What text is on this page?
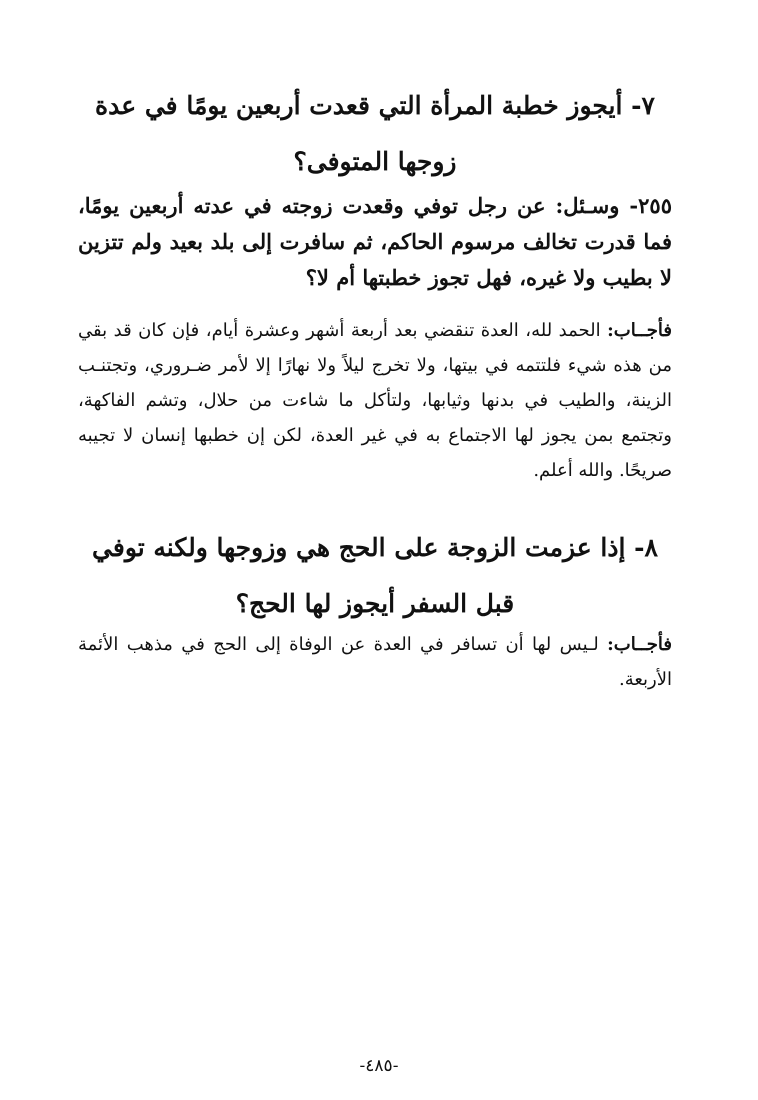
٧- أيجوز خطبة المرأة التي قعدت أربعين يومًا في عدة زوجها المتوفى؟
٢٥٥- وسـئل: عن رجل توفي وقعدت زوجته في عدته أربعين يومًا، فما قدرت تخالف مرسوم الحاكم، ثم سافرت إلى بلد بعيد ولم تتزين لا بطيب ولا غيره، فهل تجوز خطبتها أم لا؟
فأجــاب: الحمد لله، العدة تنقضي بعد أربعة أشهر وعشرة أيام، فإن كان قد بقي من هذه شيء فلتتمه في بيتها، ولا تخرج ليلاً ولا نهارًا إلا لأمر ضـروري، وتجتنـب الزينة، والطيب في بدنها وثيابها، ولتأكل ما شاءت من حلال، وتشم الفاكهة، وتجتمع بمن يجوز لها الاجتماع به في غير العدة، لكن إن خطبها إنسان لا تجيبه صريحًا. والله أعلم.
٨- إذا عزمت الزوجة على الحج هي وزوجها ولكنه توفي قبل السفر أيجوز لها الحج؟
فأجــاب: لـيس لها أن تسافر في العدة عن الوفاة إلى الحج في مذهب الأئمة الأربعة.
-٤٨٥-
